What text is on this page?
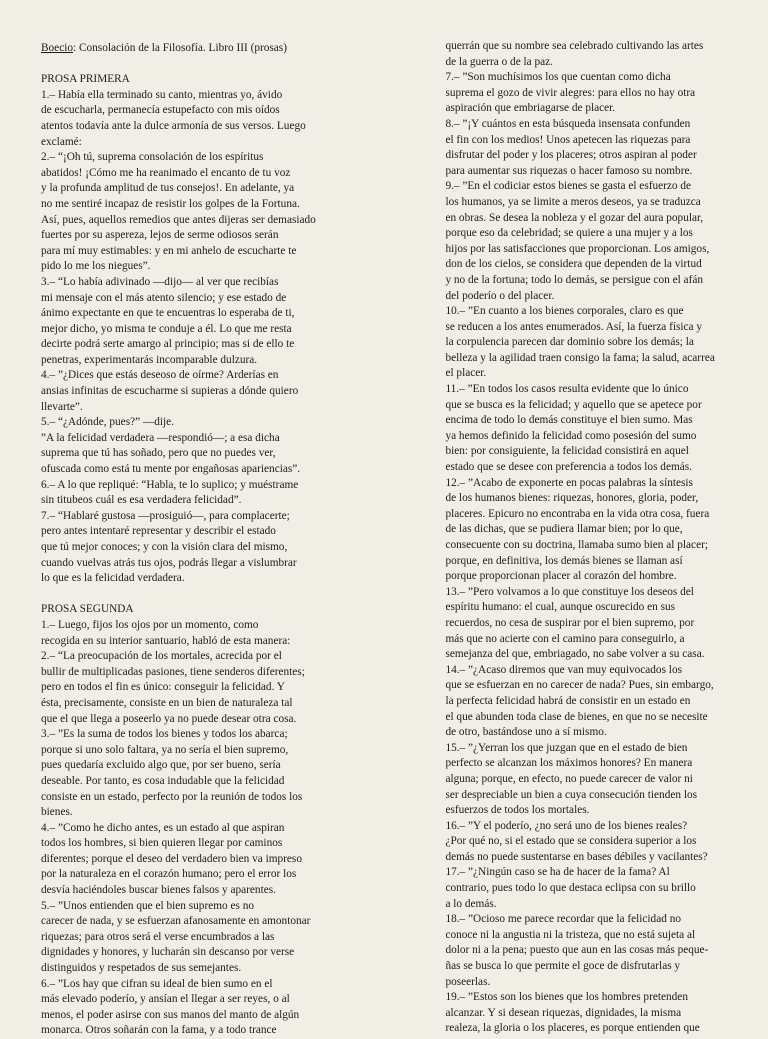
Boecio: Consolación de la Filosofía. Libro III (prosas)
PROSA PRIMERA
1.– Había ella terminado su canto, mientras yo, ávido
de escucharla, permanecía estupefacto con mis oídos
atentos todavía ante la dulce armonía de sus versos. Luego
exclamé:
2.– “¡Oh tú, suprema consolación de los espíritus
abatidos! ¡Cómo me ha reanimado el encanto de tu voz
y la profunda amplitud de tus consejos!. En adelante, ya
no me sentiré incapaz de resistir los golpes de la Fortuna.
Así, pues, aquellos remedios que antes dijeras ser demasiado
fuertes por su aspereza, lejos de serme odiosos serán
para mí muy estimables: y en mi anhelo de escucharte te
pido lo me los niegues”.
3.– “Lo había adivinado —dijo— al ver que recibías
mi mensaje con el más atento silencio; y ese estado de
ánimo expectante en que te encuentras lo esperaba de ti,
mejor dicho, yo misma te conduje a él. Lo que me resta
decirte podrá serte amargo al principio; mas si de ello te
penetras, experimentarás incomparable dulzura.
4.– ”¿Dices que estás deseoso de oírme? Arderías en
ansias infinitas de escucharme si supieras a dónde quiero
llevarte”.
5.– “¿Adónde, pues?” —dije.
”A la felicidad verdadera —respondió—; a esa dicha
suprema que tú has soñado, pero que no puedes ver,
ofuscada como está tu mente por engañosas apariencias”.
6.– A lo que repliqué: “Habla, te lo suplico; y muéstrame
sin titubeos cuál es esa verdadera felicidad”.
7.– “Hablaré gustosa —prosiguió—, para complacerte;
pero antes intentaré representar y describir el estado
que tú mejor conoces; y con la visión clara del mismo,
cuando vuelvas atrás tus ojos, podrás llegar a vislumbrar
lo que es la felicidad verdadera.
PROSA SEGUNDA
1.– Luego, fijos los ojos por un momento, como
recogida en su interior santuario, habló de esta manera:
2.– “La preocupación de los mortales, acrecida por el
bullir de multiplicadas pasiones, tiene senderos diferentes;
pero en todos el fin es único: conseguir la felicidad. Y
ésta, precisamente, consiste en un bien de naturaleza tal
que el que llega a poseerlo ya no puede desear otra cosa.
3.– ”Es la suma de todos los bienes y todos los abarca;
porque si uno solo faltara, ya no sería el bien supremo,
pues quedaría excluido algo que, por ser bueno, sería
deseable. Por tanto, es cosa indudable que la felicidad
consiste en un estado, perfecto por la reunión de todos los
bienes.
4.– ”Como he dicho antes, es un estado al que aspiran
todos los hombres, si bien quieren llegar por caminos
diferentes; porque el deseo del verdadero bien va impreso
por la naturaleza en el corazón humano; pero el error los
desvía haciéndoles buscar bienes falsos y aparentes.
5.– ”Unos entienden que el bien supremo es no
carecer de nada, y se esfuerzan afanosamente en amontonar
riquezas; para otros será el verse encumbrados a las
dignidades y honores, y lucharán sin descanso por verse
distinguidos y respetados de sus semejantes.
6.– ”Los hay que cifran su ideal de bien sumo en el
más elevado poderío, y ansían el llegar a ser reyes, o al
menos, el poder asirse con sus manos del manto de algún
monarca. Otros soñarán con la fama, y a todo trance
querrán que su nombre sea celebrado cultivando las artes
de la guerra o de la paz.
7.– ”Son muchísimos los que cuentan como dicha
suprema el gozo de vivir alegres: para ellos no hay otra
aspiración que embriagarse de placer.
8.– ”¡Y cuántos en esta búsqueda insensata confunden
el fin con los medios! Unos apetecen las riquezas para
disfrutar del poder y los placeres; otros aspiran al poder
para aumentar sus riquezas o hacer famoso su nombre.
9.– ”En el codiciar estos bienes se gasta el esfuerzo de
los humanos, ya se limite a meros deseos, ya se traduzca
en obras. Se desea la nobleza y el gozar del aura popular,
porque eso da celebridad; se quiere a una mujer y a los
hijos por las satisfacciones que proporcionan. Los amigos,
don de los cielos, se considera que dependen de la virtud
y no de la fortuna; todo lo demás, se persigue con el afán
del poderío o del placer.
10.– ”En cuanto a los bienes corporales, claro es que
se reducen a los antes enumerados. Así, la fuerza física y
la corpulencia parecen dar dominio sobre los demás; la
belleza y la agilidad traen consigo la fama; la salud, acarrea
el placer.
11.– ”En todos los casos resulta evidente que lo único
que se busca es la felicidad; y aquello que se apetece por
encima de todo lo demás constituye el bien sumo. Mas
ya hemos definido la felicidad como posesión del sumo
bien: por consiguiente, la felicidad consistirá en aquel
estado que se desee con preferencia a todos los demás.
12.– ”Acabo de exponerte en pocas palabras la síntesis
de los humanos bienes: riquezas, honores, gloria, poder,
placeres. Epicuro no encontraba en la vida otra cosa, fuera
de las dichas, que se pudiera llamar bien; por lo que,
consecuente con su doctrina, llamaba sumo bien al placer;
porque, en definitiva, los demás bienes se llaman así
porque proporcionan placer al corazón del hombre.
13.– ”Pero volvamos a lo que constituye los deseos del
espíritu humano: el cual, aunque oscurecido en sus
recuerdos, no cesa de suspirar por el bien supremo, por
más que no acierte con el camino para conseguirlo, a
semejanza del que, embriagado, no sabe volver a su casa.
14.– ”¿Acaso diremos que van muy equivocados los
que se esfuerzan en no carecer de nada? Pues, sin embargo,
la perfecta felicidad habrá de consistir en un estado en
el que abunden toda clase de bienes, en que no se necesite
de otro, bastándose uno a sí mismo.
15.– ”¿Yerran los que juzgan que en el estado de bien
perfecto se alcanzan los máximos honores? En manera
alguna; porque, en efecto, no puede carecer de valor ni
ser despreciable un bien a cuya consecución tienden los
esfuerzos de todos los mortales.
16.– ”Y el poderío, ¿no será uno de los bienes reales?
¿Por qué no, si el estado que se considera superior a los
demás no puede sustentarse en bases débiles y vacilantes?
17.– ”¿Ningún caso se ha de hacer de la fama? Al
contrario, pues todo lo que destaca eclipsa con su brillo
a lo demás.
18.– ”Ocioso me parece recordar que la felicidad no
conoce ni la angustia ni la tristeza, que no está sujeta al
dolor ni a la pena; puesto que aun en las cosas más peque-
ñas se busca lo que permite el goce de disfrutarlas y
poseerlas.
19.– ”Estos son los bienes que los hombres pretenden
alcanzar. Y si desean riquezas, dignidades, la misma
realeza, la gloria o los placeres, es porque entienden que
